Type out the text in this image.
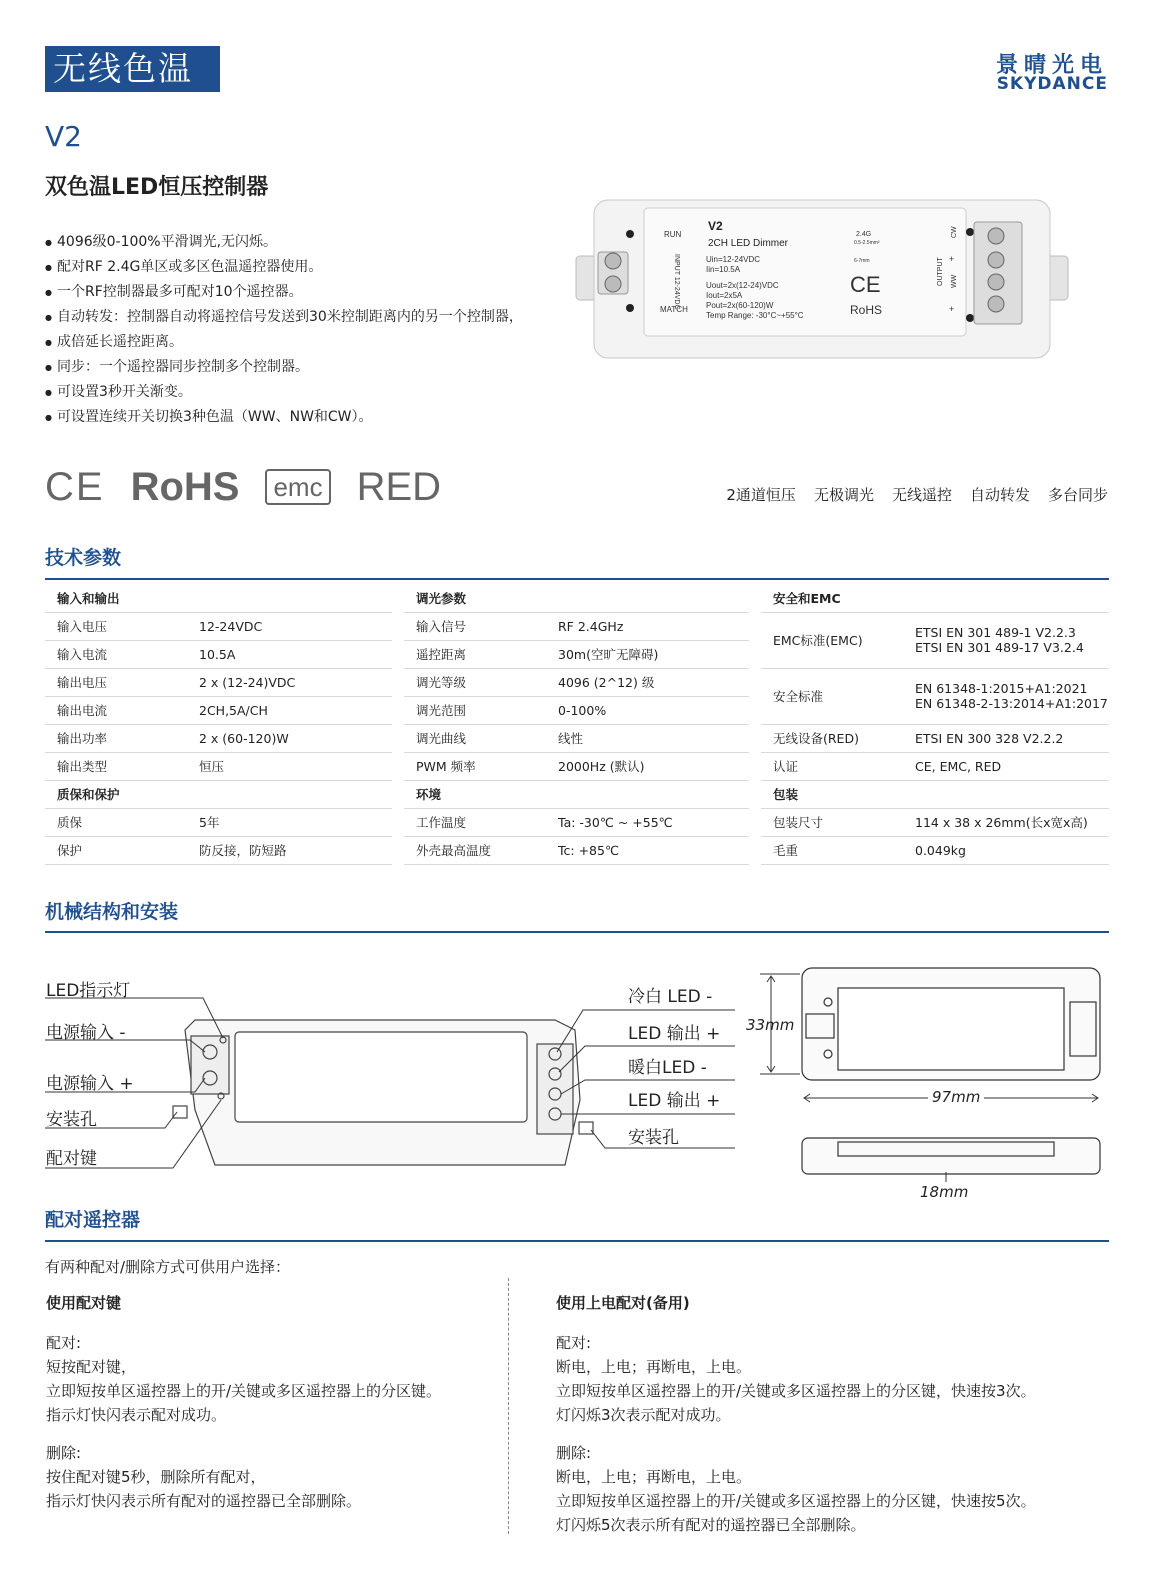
无线色温	景晴光电
SKYDANCE
V2
双色温LED恒压控制器
● 4096级0-100%平滑调光,无闪烁。
● 配对RF 2.4G单区或多区色温遥控器使用。
● 一个RF控制器最多可配对10个遥控器。
● 自动转发：控制器自动将遥控信号发送到30米控制距离内的另一个控制器，
● 成倍延长遥控距离。
● 同步：一个遥控器同步控制多个控制器。
● 可设置3秒开关渐变。
● 可设置连续开关切换3种色温（WW、NW和CW）。
RUN
MATCH
INPUT 12-24VDC
V2
2CH LED Dimmer
Uin=12-24VDC
Iin=10.5A
Uout=2x(12-24)VDC
Iout=2x5A
Pout=2x(60-120)W
Temp Range: -30°C~+55°C
2.4G
0.5-2.5mm²
6-7mm
CE
RoHS
OUTPUT
CW
WW
+
+
CE RoHS	emc RED	2通道恒压 无极调光 无线遥控 自动转发 多台同步
技术参数
输入和输出	
输入电压	12-24VDC
输入电流	10.5A
输出电压	2 x (12-24)VDC
输出电流	2CH,5A/CH
输出功率	2 x (60-120)W
输出类型	恒压
质保和保护	
质保	5年
保护	防反接，防短路
调光参数	
输入信号	RF 2.4GHz
遥控距离	30m(空旷无障碍)
调光等级	4096 (2^12) 级
调光范围	0-100%
调光曲线	线性
PWM 频率	2000Hz (默认)
环境	
工作温度	Ta: -30℃ ~ +55℃
外壳最高温度	Tc: +85℃
安全和EMC	
EMC标准(EMC)	ETSI EN 301 489-1 V2.2.3
ETSI EN 301 489-17 V3.2.4
安全标准	EN 61348-1:2015+A1:2021
EN 61348-2-13:2014+A1:2017
无线设备(RED)	ETSI EN 300 328 V2.2.2
认证	CE, EMC, RED
包装	
包装尺寸	114 x 38 x 26mm(长x宽x高)
毛重	0.049kg
机械结构和安装
LED指示灯
电源输入 -
电源输入 +
安装孔
配对键
冷白 LED -
LED 输出 +
暖白LED -
LED 输出 +
安装孔
33mm
97mm
18mm
配对遥控器
有两种配对/删除方式可供用户选择：
使用配对键
配对:
短按配对键，
立即短按单区遥控器上的开/关键或多区遥控器上的分区键。
指示灯快闪表示配对成功。
删除:
按住配对键5秒，删除所有配对，
指示灯快闪表示所有配对的遥控器已全部删除。
使用上电配对(备用)
配对:
断电，上电；再断电，上电。
立即短按单区遥控器上的开/关键或多区遥控器上的分区键，快速按3次。
灯闪烁3次表示配对成功。
删除:
断电，上电；再断电，上电。
立即短按单区遥控器上的开/关键或多区遥控器上的分区键，快速按5次。
灯闪烁5次表示所有配对的遥控器已全部删除。
